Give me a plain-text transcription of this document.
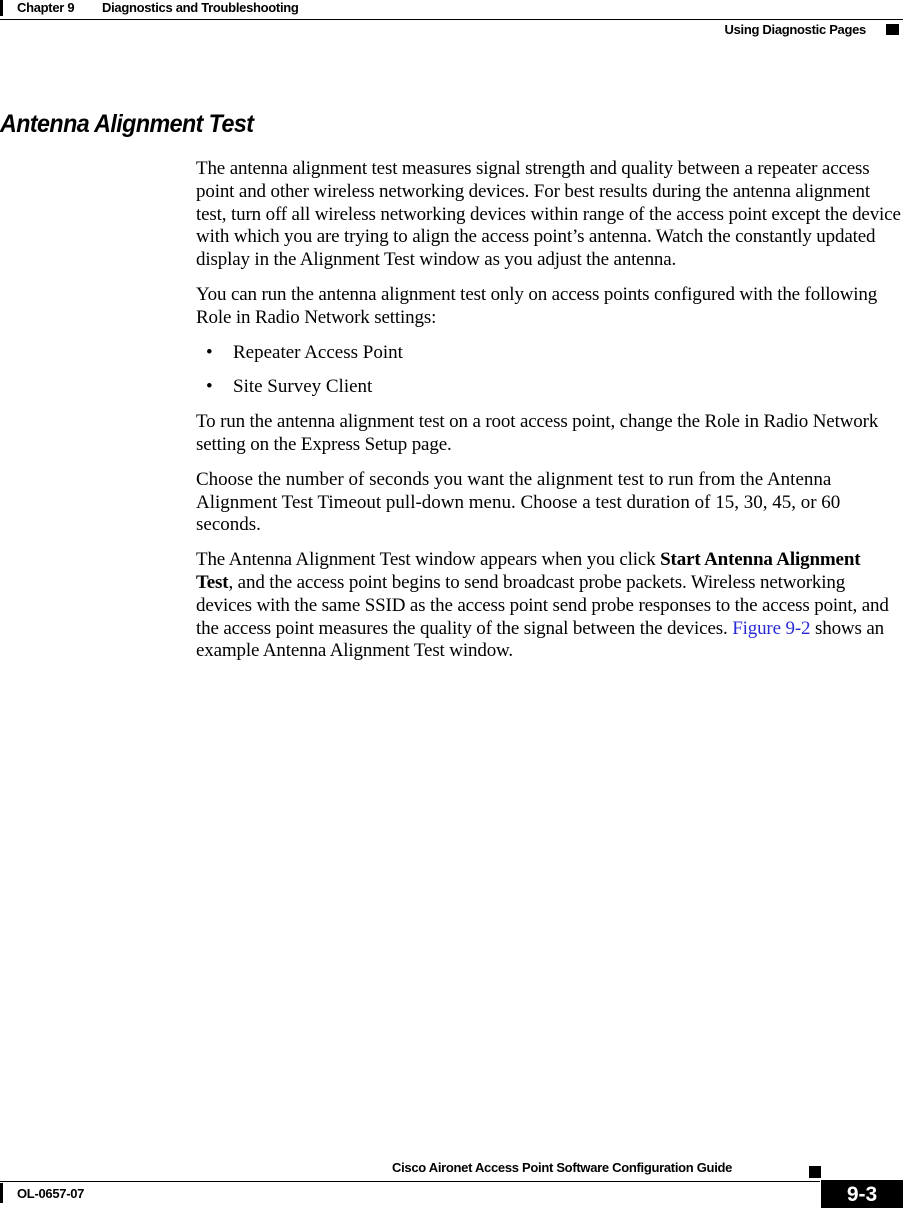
Chapter 9 Diagnostics and Troubleshooting
Using Diagnostic Pages
Antenna Alignment Test

The antenna alignment test measures signal strength and quality between a repeater access point and other wireless networking devices. For best results during the antenna alignment test, turn off all wireless networking devices within range of the access point except the device with which you are trying to align the access point’s antenna. Watch the constantly updated display in the Alignment Test window as you adjust the antenna.

You can run the antenna alignment test only on access points configured with the following Role in Radio Network settings:

• Repeater Access Point
• Site Survey Client

To run the antenna alignment test on a root access point, change the Role in Radio Network setting on the Express Setup page.

Choose the number of seconds you want the alignment test to run from the Antenna Alignment Test Timeout pull-down menu. Choose a test duration of 15, 30, 45, or 60 seconds.

The Antenna Alignment Test window appears when you click Start Antenna Alignment Test, and the access point begins to send broadcast probe packets. Wireless networking devices with the same SSID as the access point send probe responses to the access point, and the access point measures the quality of the signal between the devices. Figure 9-2 shows an example Antenna Alignment Test window.

Cisco Aironet Access Point Software Configuration Guide
OL-0657-07	9-3
